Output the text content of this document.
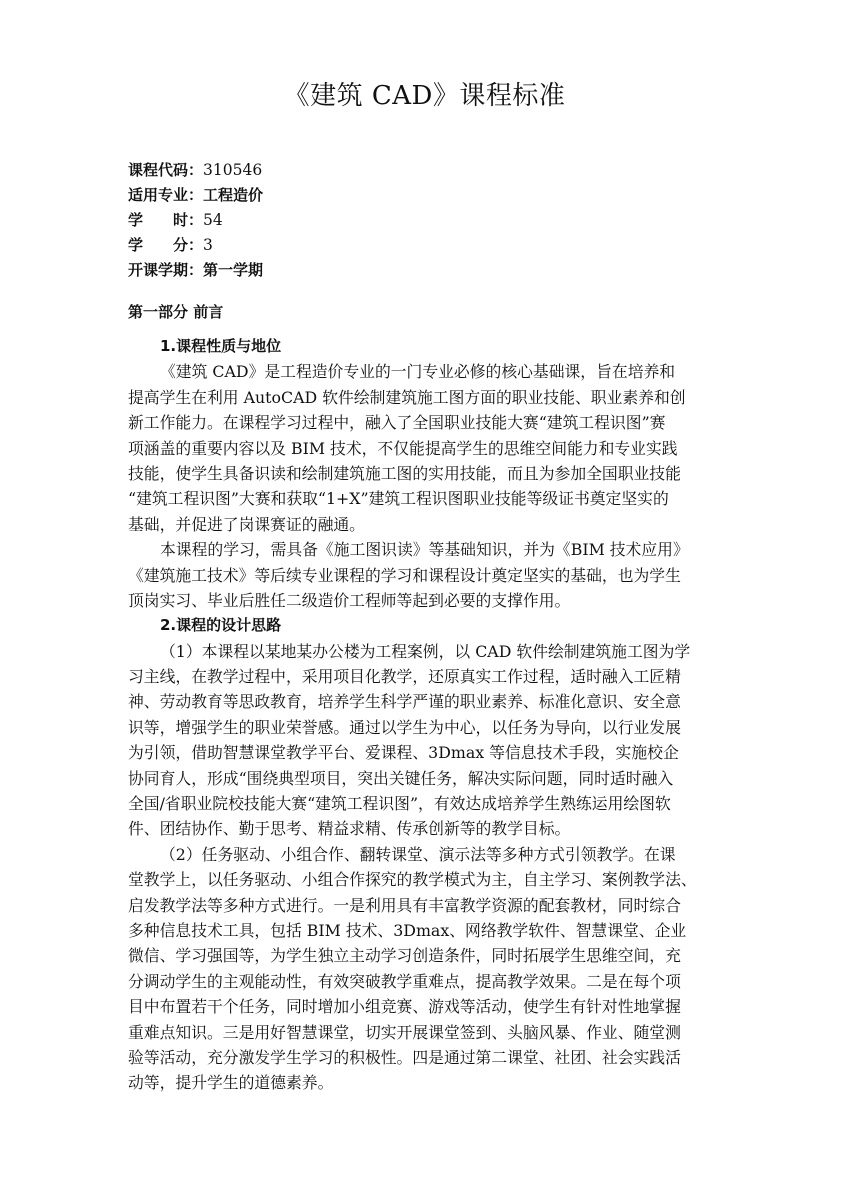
《建筑 CAD》课程标准
课程代码：310546
适用专业：工程造价
学　　时：54
学　　分：3
开课学期：第一学期
第一部分 前言
1.课程性质与地位
《建筑 CAD》是工程造价专业的一门专业必修的核心基础课，旨在培养和
提高学生在利用 AutoCAD 软件绘制建筑施工图方面的职业技能、职业素养和创
新工作能力。在课程学习过程中，融入了全国职业技能大赛“建筑工程识图”赛
项涵盖的重要内容以及 BIM 技术，不仅能提高学生的思维空间能力和专业实践
技能，使学生具备识读和绘制建筑施工图的实用技能，而且为参加全国职业技能
“建筑工程识图”大赛和获取“1+X”建筑工程识图职业技能等级证书奠定坚实的
基础，并促进了岗课赛证的融通。
本课程的学习，需具备《施工图识读》等基础知识，并为《BIM 技术应用》
《建筑施工技术》等后续专业课程的学习和课程设计奠定坚实的基础，也为学生
顶岗实习、毕业后胜任二级造价工程师等起到必要的支撑作用。
2.课程的设计思路
（1）本课程以某地某办公楼为工程案例，以 CAD 软件绘制建筑施工图为学
习主线，在教学过程中，采用项目化教学，还原真实工作过程，适时融入工匠精
神、劳动教育等思政教育，培养学生科学严谨的职业素养、标准化意识、安全意
识等，增强学生的职业荣誉感。通过以学生为中心，以任务为导向，以行业发展
为引领，借助智慧课堂教学平台、爱课程、3Dmax 等信息技术手段，实施校企
协同育人，形成“围绕典型项目，突出关键任务，解决实际问题，同时适时融入
全国/省职业院校技能大赛“建筑工程识图”，有效达成培养学生熟练运用绘图软
件、团结协作、勤于思考、精益求精、传承创新等的教学目标。
（2）任务驱动、小组合作、翻转课堂、演示法等多种方式引领教学。在课
堂教学上，以任务驱动、小组合作探究的教学模式为主，自主学习、案例教学法、
启发教学法等多种方式进行。一是利用具有丰富教学资源的配套教材，同时综合
多种信息技术工具，包括 BIM 技术、3Dmax、网络教学软件、智慧课堂、企业
微信、学习强国等，为学生独立主动学习创造条件，同时拓展学生思维空间，充
分调动学生的主观能动性，有效突破教学重难点，提高教学效果。二是在每个项
目中布置若干个任务，同时增加小组竞赛、游戏等活动，使学生有针对性地掌握
重难点知识。三是用好智慧课堂，切实开展课堂签到、头脑风暴、作业、随堂测
验等活动，充分激发学生学习的积极性。四是通过第二课堂、社团、社会实践活
动等，提升学生的道德素养。
